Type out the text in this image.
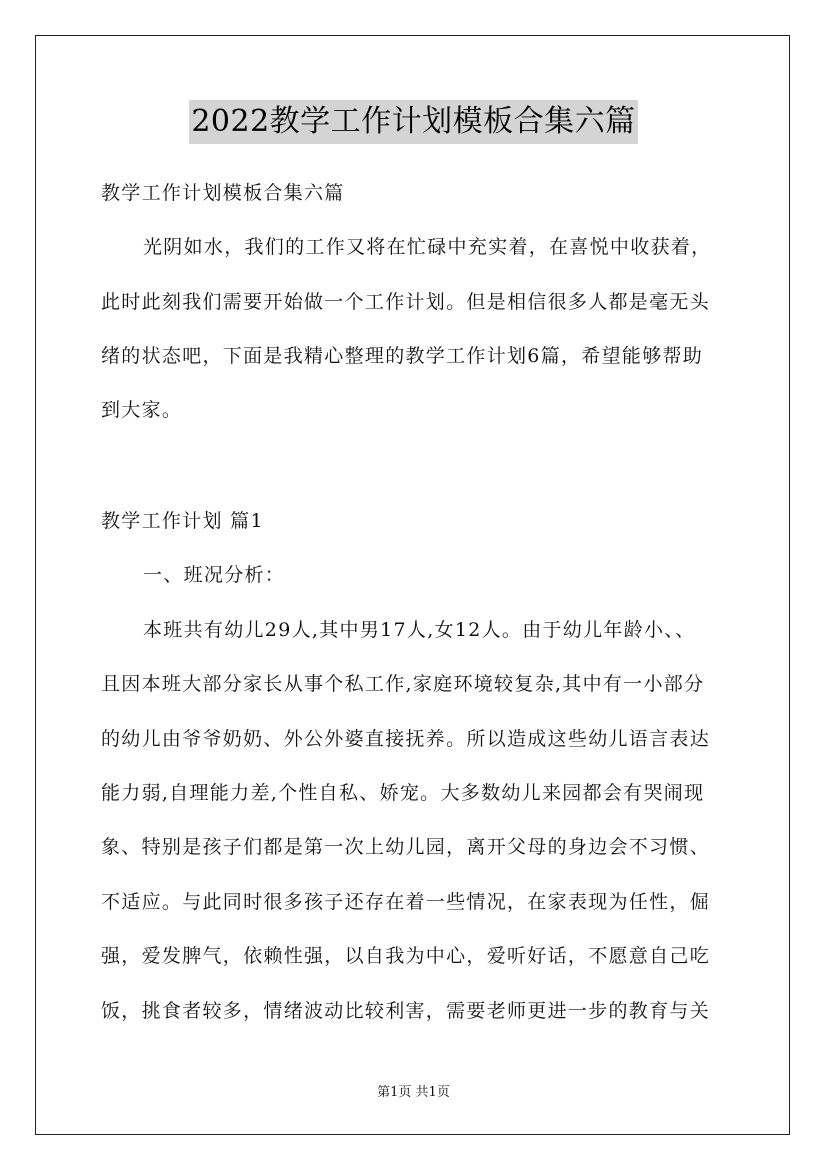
2022教学工作计划模板合集六篇
教学工作计划模板合集六篇
光阴如水，我们的工作又将在忙碌中充实着，在喜悦中收获着，
此时此刻我们需要开始做一个工作计划。但是相信很多人都是毫无头
绪的状态吧，下面是我精心整理的教学工作计划6篇，希望能够帮助
到大家。
教学工作计划 篇1
一、班况分析：
本班共有幼儿29人,其中男17人,女12人。由于幼儿年龄小、、
且因本班大部分家长从事个私工作,家庭环境较复杂,其中有一小部分
的幼儿由爷爷奶奶、外公外婆直接抚养。所以造成这些幼儿语言表达
能力弱,自理能力差,个性自私、娇宠。大多数幼儿来园都会有哭闹现
象、特别是孩子们都是第一次上幼儿园，离开父母的身边会不习惯、
不适应。与此同时很多孩子还存在着一些情况，在家表现为任性，倔
强，爱发脾气，依赖性强，以自我为中心，爱听好话，不愿意自己吃
饭，挑食者较多，情绪波动比较利害，需要老师更进一步的教育与关
第1页 共1页
